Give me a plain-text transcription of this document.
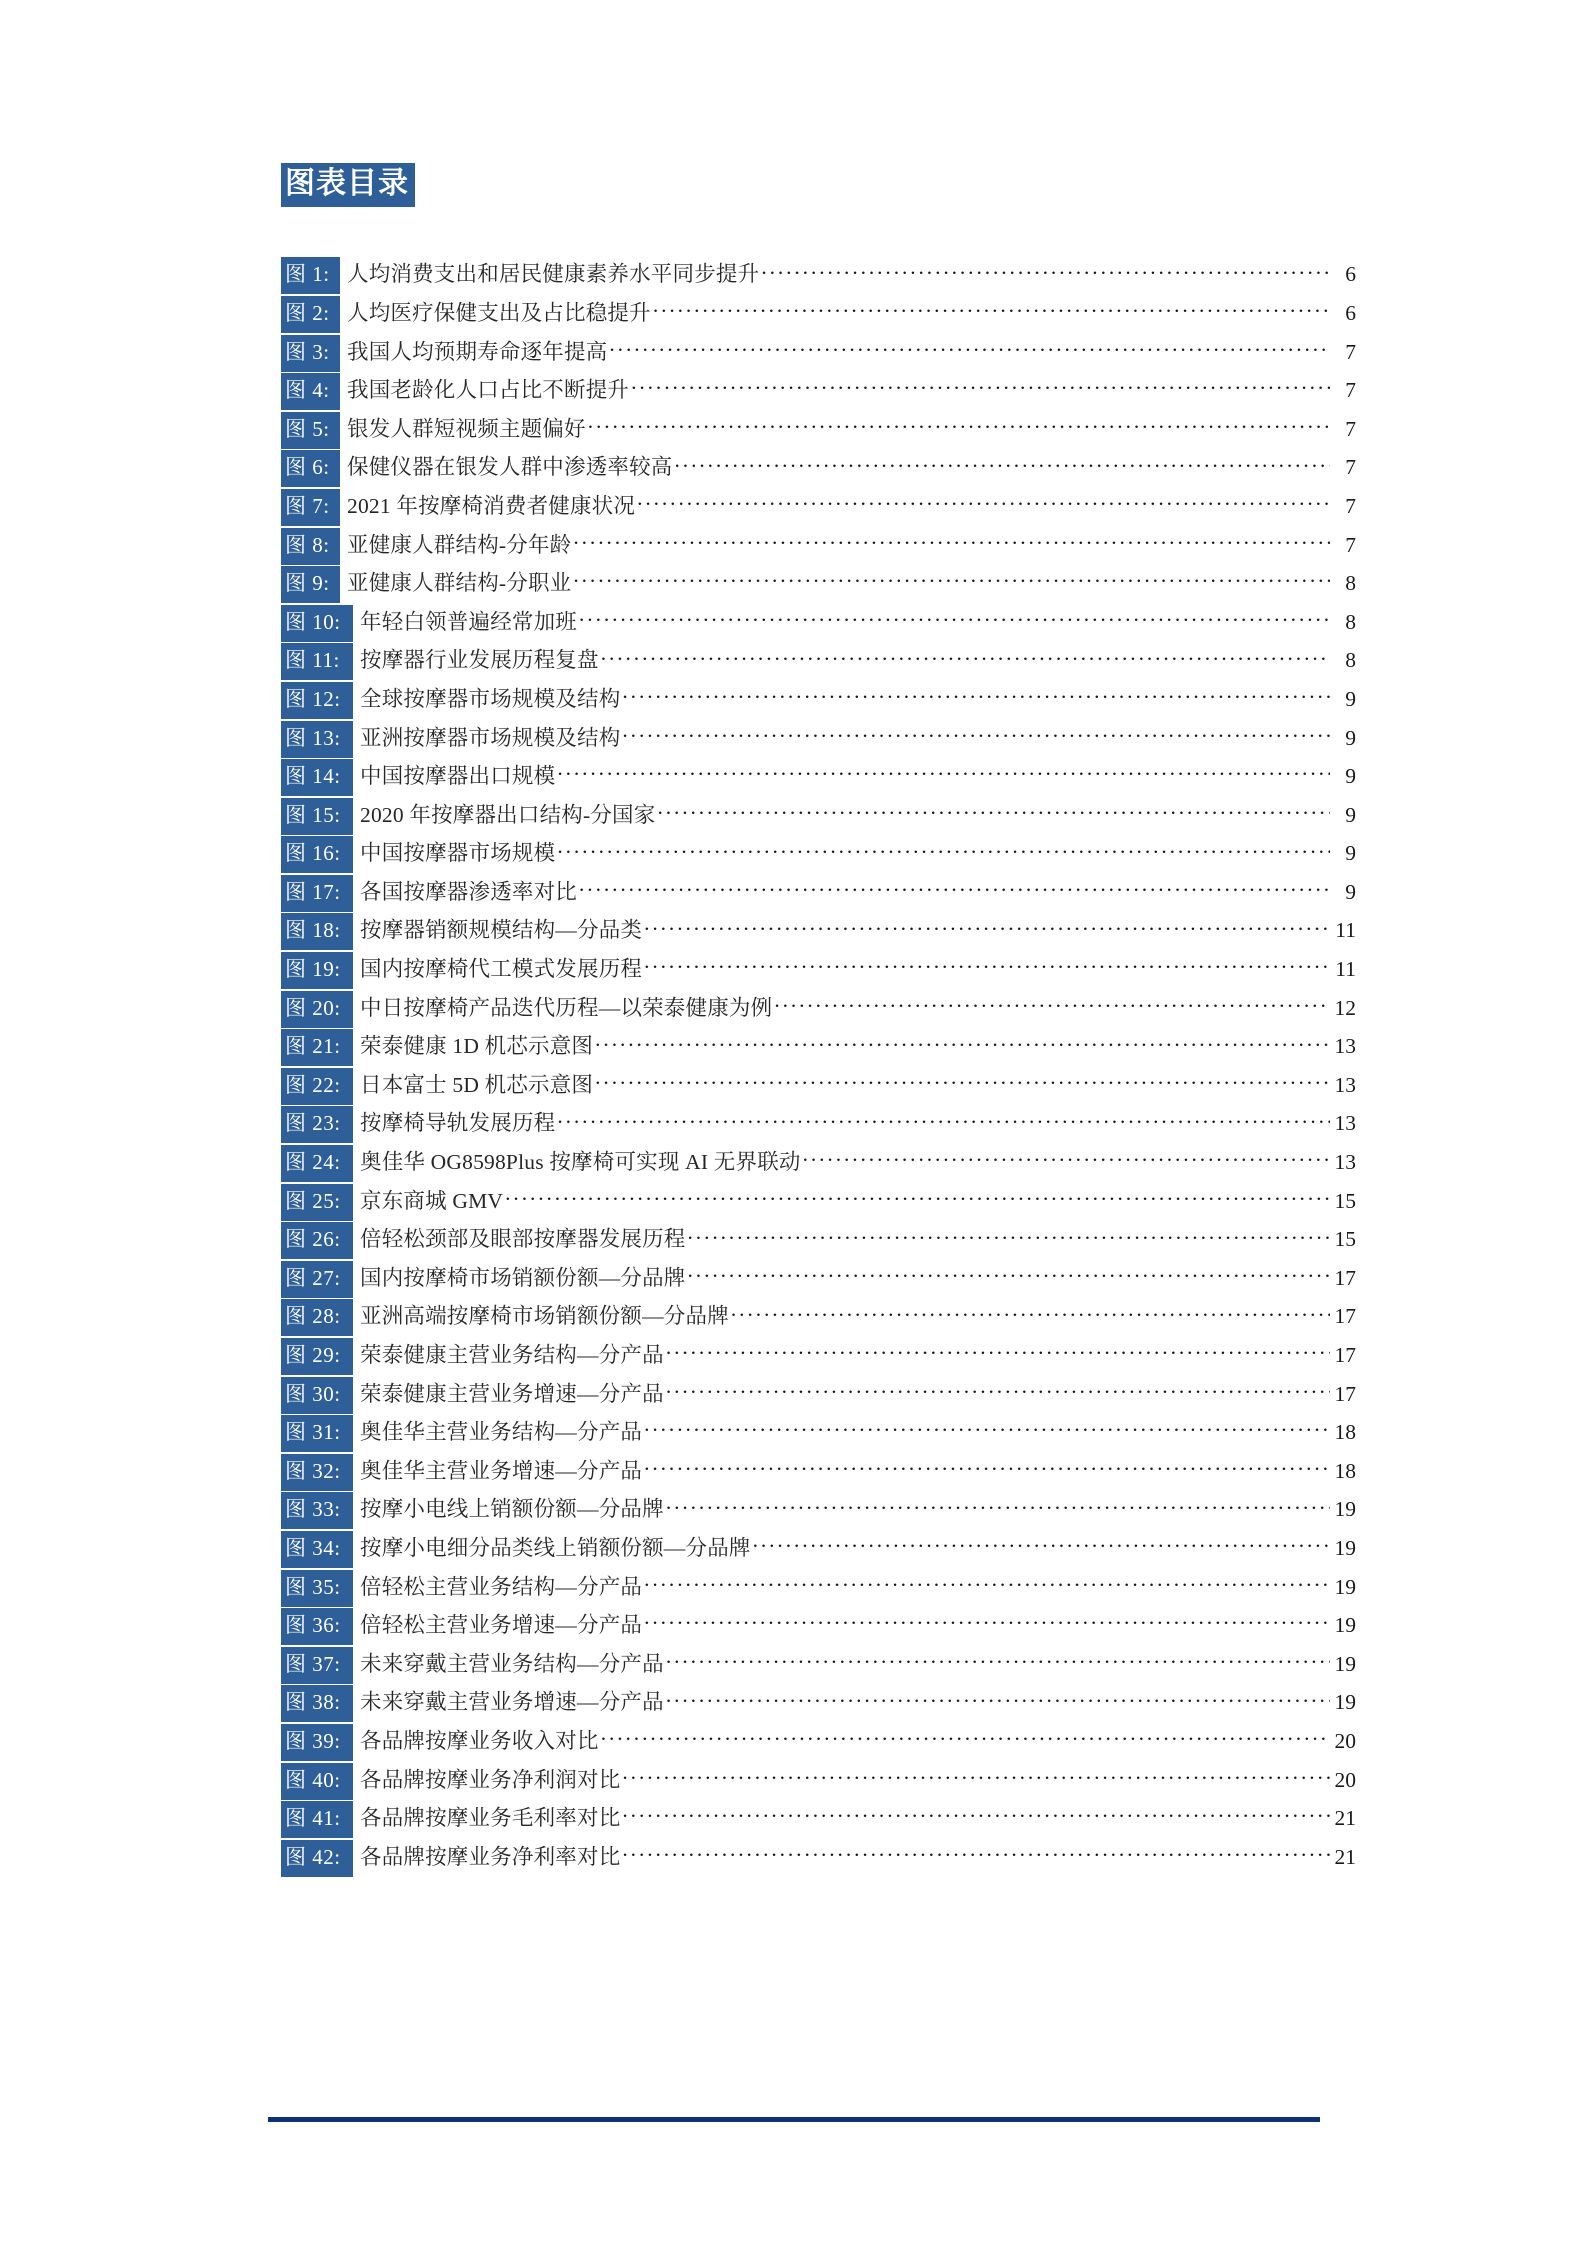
图表目录
图 1: 人均消费支出和居民健康素养水平同步提升 .....	6
图 2: 人均医疗保健支出及占比稳提升 .....	6
图 3: 我国人均预期寿命逐年提高 .....	7
图 4: 我国老龄化人口占比不断提升 .....	7
图 5: 银发人群短视频主题偏好 .....	7
图 6: 保健仪器在银发人群中渗透率较高 .....	7
图 7: 2021 年按摩椅消费者健康状况 .....	7
图 8: 亚健康人群结构-分年龄 .....	7
图 9: 亚健康人群结构-分职业 .....	8
图 10: 年轻白领普遍经常加班 .....	8
图 11: 按摩器行业发展历程复盘 .....	8
图 12: 全球按摩器市场规模及结构 .....	9
图 13: 亚洲按摩器市场规模及结构 .....	9
图 14: 中国按摩器出口规模 .....	9
图 15: 2020 年按摩器出口结构-分国家 .....	9
图 16: 中国按摩器市场规模 .....	9
图 17: 各国按摩器渗透率对比 .....	9
图 18: 按摩器销额规模结构—分品类 .....	11
图 19: 国内按摩椅代工模式发展历程 .....	11
图 20: 中日按摩椅产品迭代历程—以荣泰健康为例 .....	12
图 21: 荣泰健康 1D 机芯示意图 .....	13
图 22: 日本富士 5D 机芯示意图 .....	13
图 23: 按摩椅导轨发展历程 .....	13
图 24: 奥佳华 OG8598Plus 按摩椅可实现 AI 无界联动 .....	13
图 25: 京东商城 GMV .....	15
图 26: 倍轻松颈部及眼部按摩器发展历程 .....	15
图 27: 国内按摩椅市场销额份额—分品牌 .....	17
图 28: 亚洲高端按摩椅市场销额份额—分品牌 .....	17
图 29: 荣泰健康主营业务结构—分产品 .....	17
图 30: 荣泰健康主营业务增速—分产品 .....	17
图 31: 奥佳华主营业务结构—分产品 .....	18
图 32: 奥佳华主营业务增速—分产品 .....	18
图 33: 按摩小电线上销额份额—分品牌 .....	19
图 34: 按摩小电细分品类线上销额份额—分品牌 .....	19
图 35: 倍轻松主营业务结构—分产品 .....	19
图 36: 倍轻松主营业务增速—分产品 .....	19
图 37: 未来穿戴主营业务结构—分产品 .....	19
图 38: 未来穿戴主营业务增速—分产品 .....	19
图 39: 各品牌按摩业务收入对比 .....	20
图 40: 各品牌按摩业务净利润对比 .....	20
图 41: 各品牌按摩业务毛利率对比 .....	21
图 42: 各品牌按摩业务净利率对比 .....	21
